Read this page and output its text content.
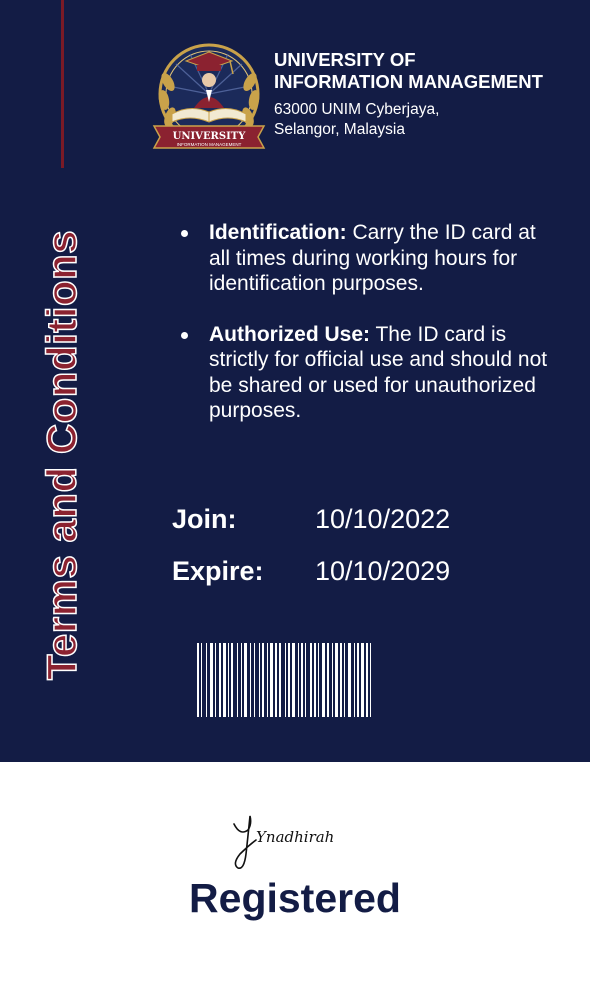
Terms and Conditions
UNIVERSITY
INFORMATION MANAGEMENT
UNIVERSITY OF
INFORMATION MANAGEMENT
63000 UNIM Cyberjaya,
Selangor, Malaysia
Identification: Carry the ID card at all times during working hours for identification purposes.
Authorized Use: The ID card is strictly for official use and should not be shared or used for unauthorized purposes.
Join:	10/10/2022
Expire: 10/10/2029
Ynadhirah
Registered
